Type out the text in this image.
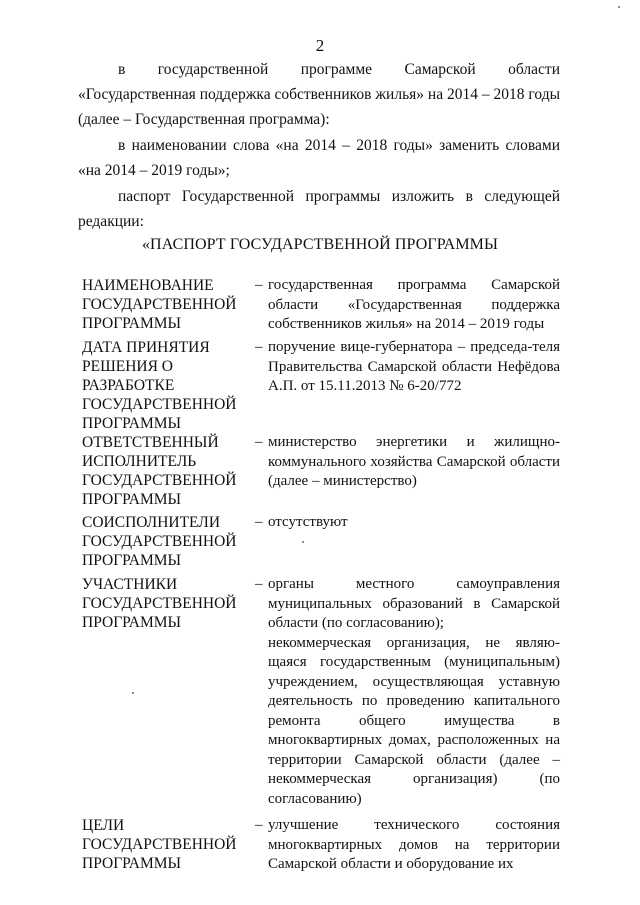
2
в государственной программе Самарской области «Государственная поддержка собственников жилья» на 2014 – 2018 годы (далее – Государственная программа):
в наименовании слова «на 2014 – 2018 годы» заменить словами «на 2014 – 2019 годы»;
паспорт Государственной программы изложить в следующей редакции:
«ПАСПОРТ ГОСУДАРСТВЕННОЙ ПРОГРАММЫ
НАИМЕНОВАНИЕ
ГОСУДАРСТВЕННОЙ
ПРОГРАММЫ
– государственная программа Самарской области «Государственная поддержка собственников жилья» на 2014 – 2019 годы
ДАТА ПРИНЯТИЯ
РЕШЕНИЯ О
РАЗРАБОТКЕ
ГОСУДАРСТВЕННОЙ
ПРОГРАММЫ
– поручение вице-губернатора – председа-теля Правительства Самарской области Нефёдова А.П. от 15.11.2013 № 6-20/772
ОТВЕТСТВЕННЫЙ
ИСПОЛНИТЕЛЬ
ГОСУДАРСТВЕННОЙ
ПРОГРАММЫ
– министерство энергетики и жилищно-коммунального хозяйства Самарской области (далее – министерство)
СОИСПОЛНИТЕЛИ
ГОСУДАРСТВЕННОЙ
ПРОГРАММЫ
– отсутствуют
УЧАСТНИКИ
ГОСУДАРСТВЕННОЙ
ПРОГРАММЫ
– органы местного самоуправления муниципальных образований в Самарской области (по согласованию);

некоммерческая организация, не являю-щаяся государственным (муниципальным) учреждением, осуществляющая уставную деятельность по проведению капитального ремонта общего имущества в многоквартирных домах, расположенных на территории Самарской области (далее – некоммерческая организация) (по согласованию)

ЦЕЛИ
ГОСУДАРСТВЕННОЙ
ПРОГРАММЫ
– улучшение технического состояния многоквартирных домов на территории Самарской области и оборудование их
